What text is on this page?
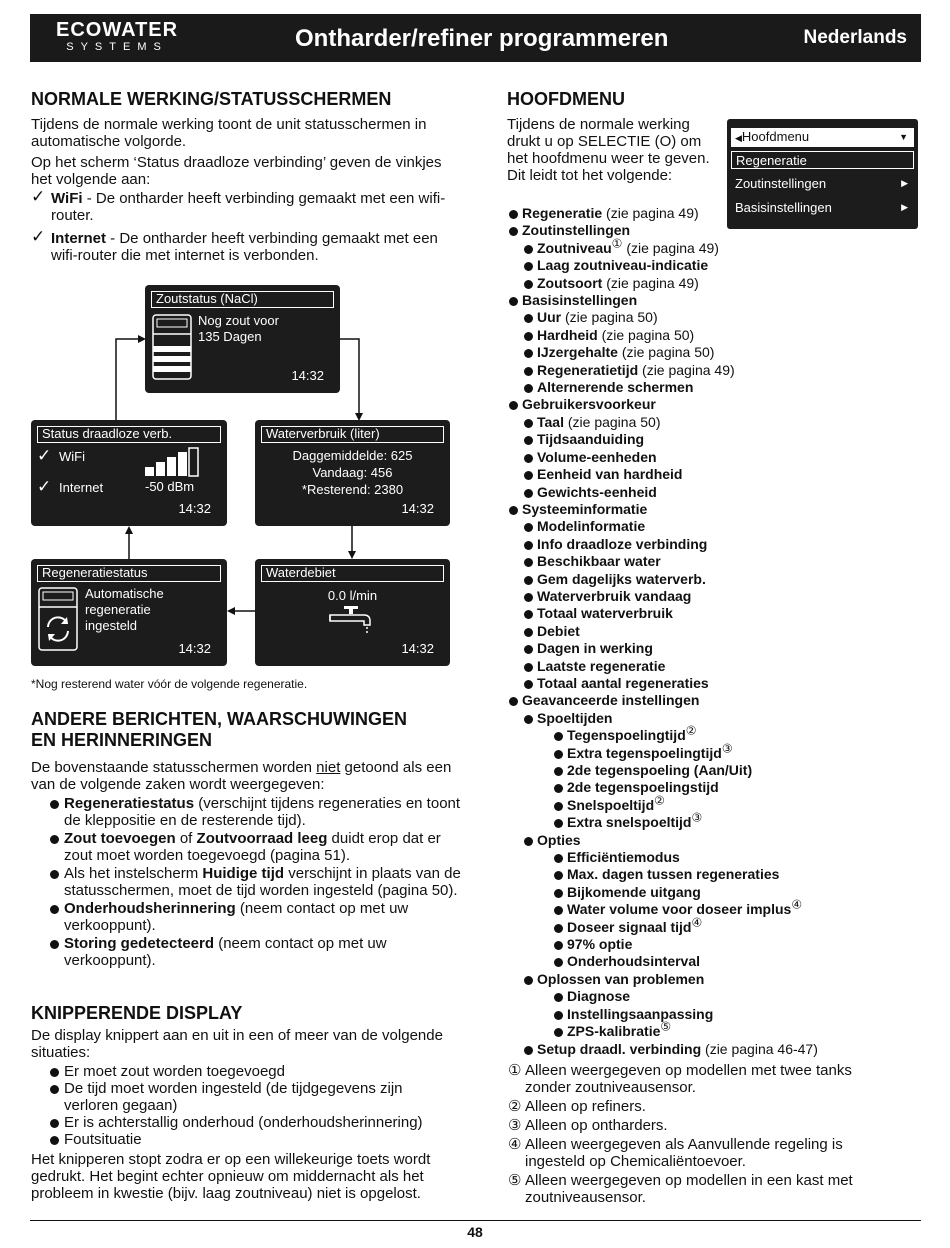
ECOWATER
SYSTEMS	Ontharder/refiner programmeren	Nederlands
NORMALE WERKING/STATUSSCHERMEN

Tijdens de normale werking toont de unit statusschermen in automatische volgorde.

Op het scherm ‘Status draadloze verbinding’ geven de vinkjes het volgende aan:

✓ WiFi - De ontharder heeft verbinding gemaakt met een wifi-router.
✓ Internet - De ontharder heeft verbinding gemaakt met een wifi-router die met internet is verbonden.
Zoutstatus (NaCl)
Nog zout voor
135 Dagen
14:32
Status draadloze verb.
✓ WiFi
✓ Internet	-50 dBm
14:32
Waterverbruik (liter)
Daggemiddelde: 625
Vandaag: 456
*Resterend: 2380
14:32
Regeneratiestatus
Automatische
regeneratie
ingesteld
14:32
Waterdebiet
0.0 l/min
14:32
*Nog resterend water vóór de volgende regeneratie.
ANDERE BERICHTEN, WAARSCHUWINGEN
EN HERINNERINGEN

De bovenstaande statusschermen worden niet getoond als een van de volgende zaken wordt weergegeven:

Regeneratiestatus (verschijnt tijdens regeneraties en toont de kleppositie en de resterende tijd).
Zout toevoegen of Zoutvoorraad leeg duidt erop dat er zout moet worden toegevoegd (pagina 51).
Als het instelscherm Huidige tijd verschijnt in plaats van de statusschermen, moet de tijd worden ingesteld (pagina 50).
Onderhoudsherinnering (neem contact op met uw verkooppunt).
Storing gedetecteerd (neem contact op met uw verkooppunt).
KNIPPERENDE DISPLAY

De display knippert aan en uit in een of meer van de volgende situaties:

Er moet zout worden toegevoegd
De tijd moet worden ingesteld (de tijdgegevens zijn verloren gegaan)
Er is achterstallig onderhoud (onderhoudsherinnering)
Foutsituatie

Het knipperen stopt zodra er op een willekeurige toets wordt gedrukt. Het begint echter opnieuw om middernacht als het probleem in kwestie (bijv. laag zoutniveau) niet is opgelost.

HOOFDMENU

Tijdens de normale werking drukt u op SELECTIE (O) om het hoofdmenu weer te geven. Dit leidt tot het volgende:

◀Hoofdmenu	▼
Regeneratie
Zoutinstellingen	▶
Basisinstellingen	▶
Regeneratie (zie pagina 49)
Zoutinstellingen
Zoutniveau① (zie pagina 49)
Laag zoutniveau-indicatie
Zoutsoort (zie pagina 49)
Basisinstellingen
Uur (zie pagina 50)
Hardheid (zie pagina 50)
IJzergehalte (zie pagina 50)
Regeneratietijd (zie pagina 49)
Alternerende schermen
Gebruikersvoorkeur
Taal (zie pagina 50)
Tijdsaanduiding
Volume-eenheden
Eenheid van hardheid
Gewichts-eenheid
Systeeminformatie
Modelinformatie
Info draadloze verbinding
Beschikbaar water
Gem dagelijks waterverb.
Waterverbruik vandaag
Totaal waterverbruik
Debiet
Dagen in werking
Laatste regeneratie
Totaal aantal regeneraties
Geavanceerde instellingen
Spoeltijden
Tegenspoelingtijd②
Extra tegenspoelingtijd③
2de tegenspoeling (Aan/Uit)
2de tegenspoelingstijd
Snelspoeltijd②
Extra snelspoeltijd③
Opties
Efficiëntiemodus
Max. dagen tussen regeneraties
Bijkomende uitgang
Water volume voor doseer implus④
Doseer signaal tijd④
97% optie
Onderhoudsinterval
Oplossen van problemen
Diagnose
Instellingsaanpassing
ZPS-kalibratie⑤
Setup draadl. verbinding (zie pagina 46-47)
① Alleen weergegeven op modellen met twee tanks zonder zoutniveausensor.
② Alleen op refiners.
③ Alleen op ontharders.
④ Alleen weergegeven als Aanvullende regeling is ingesteld op Chemicaliëntoevoer.
⑤ Alleen weergegeven op modellen in een kast met zoutniveausensor.
48
